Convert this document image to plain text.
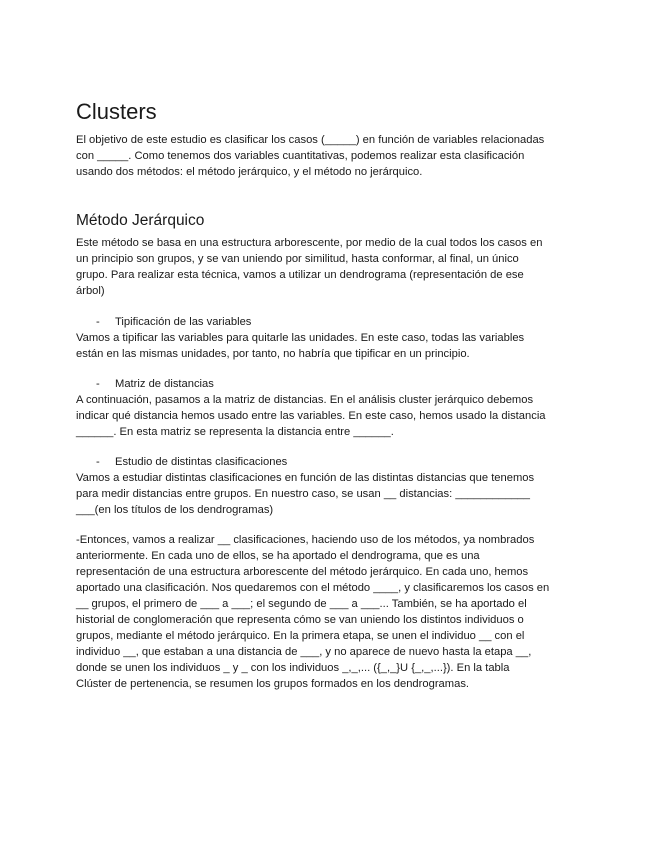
Clusters

El objetivo de este estudio es clasificar los casos (_____) en función de variables relacionadas
con _____. Como tenemos dos variables cuantitativas, podemos realizar esta clasificación
usando dos métodos: el método jerárquico, y el método no jerárquico.

Método Jerárquico

Este método se basa en una estructura arborescente, por medio de la cual todos los casos en
un principio son grupos, y se van uniendo por similitud, hasta conformar, al final, un único
grupo. Para realizar esta técnica, vamos a utilizar un dendrograma (representación de ese
árbol)

- Tipificación de las variables

Vamos a tipificar las variables para quitarle las unidades. En este caso, todas las variables
están en las mismas unidades, por tanto, no habría que tipificar en un principio.

- Matriz de distancias

A continuación, pasamos a la matriz de distancias. En el análisis cluster jerárquico debemos
indicar qué distancia hemos usado entre las variables. En este caso, hemos usado la distancia
______. En esta matriz se representa la distancia entre ______.

- Estudio de distintas clasificaciones

Vamos a estudiar distintas clasificaciones en función de las distintas distancias que tenemos
para medir distancias entre grupos. En nuestro caso, se usan __ distancias: ____________
___(en los títulos de los dendrogramas)

-Entonces, vamos a realizar __ clasificaciones, haciendo uso de los métodos, ya nombrados
anteriormente. En cada uno de ellos, se ha aportado el dendrograma, que es una
representación de una estructura arborescente del método jerárquico. En cada uno, hemos
aportado una clasificación. Nos quedaremos con el método ____, y clasificaremos los casos en
__ grupos, el primero de ___ a ___; el segundo de ___ a ___... También, se ha aportado el
historial de conglomeración que representa cómo se van uniendo los distintos individuos o
grupos, mediante el método jerárquico. En la primera etapa, se unen el individuo __ con el
individuo __, que estaban a una distancia de ___, y no aparece de nuevo hasta la etapa __,
donde se unen los individuos _ y _ con los individuos _,_,... ({_,_}U {_,_,...}). En la tabla
Clúster de pertenencia, se resumen los grupos formados en los dendrogramas.
